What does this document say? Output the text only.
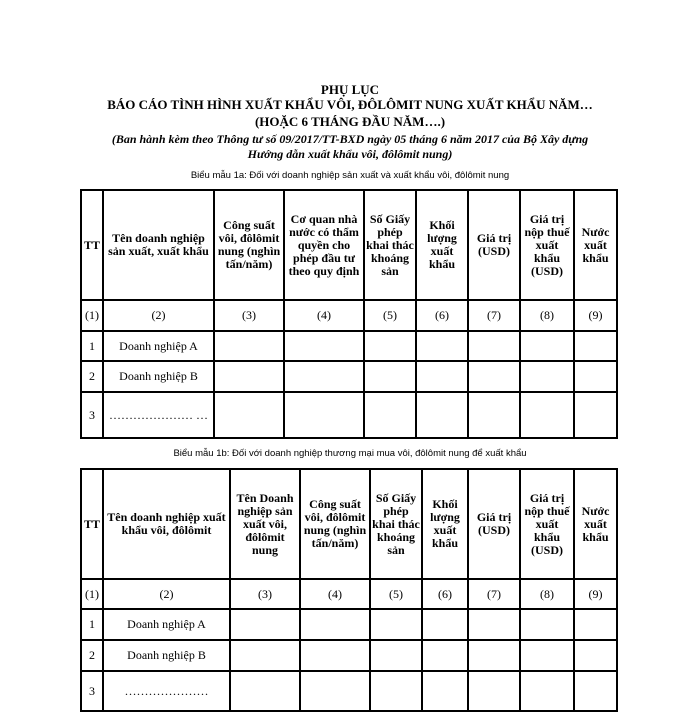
PHỤ LỤC
BÁO CÁO TÌNH HÌNH XUẤT KHẨU VÔI, ĐÔLÔMIT NUNG XUẤT KHẨU NĂM…
(HOẶC 6 THÁNG ĐẦU NĂM….)
(Ban hành kèm theo Thông tư số 09/2017/TT-BXD ngày 05 tháng 6 năm 2017 của Bộ Xây dựng
Hướng dẫn xuất khẩu vôi, đôlômit nung)
Biểu mẫu 1a: Đối với doanh nghiệp sản xuất và xuất khẩu vôi, đôlômit nung
TT	Tên doanh nghiệp sản xuất, xuất khẩu	Công suất vôi, đôlômit nung (nghìn tấn/năm)	Cơ quan nhà nước có thẩm quyền cho phép đầu tư theo quy định	Số Giấy phép khai thác khoáng sản	Khối lượng xuất khẩu	Giá trị (USD)	Giá trị nộp thuế xuất khẩu (USD)	Nước xuất khẩu
(1)	(2)	(3)	(4)	(5)	(6)	(7)	(8)	(9)
1	Doanh nghiệp A							
2	Doanh nghiệp B							
3	………………… …							
Biểu mẫu 1b: Đối với doanh nghiệp thương mại mua vôi, đôlômit nung để xuất khẩu
TT	Tên doanh nghiệp xuất khẩu vôi, đôlômit	Tên Doanh nghiệp sản xuất vôi, đôlômit nung	Công suất vôi, đôlômit nung (nghìn tấn/năm)	Số Giấy phép khai thác khoáng sản	Khối lượng xuất khẩu	Giá trị (USD)	Giá trị nộp thuế xuất khẩu (USD)	Nước xuất khẩu
(1)	(2)	(3)	(4)	(5)	(6)	(7)	(8)	(9)
1	Doanh nghiệp A							
2	Doanh nghiệp B							
3	…………………							
